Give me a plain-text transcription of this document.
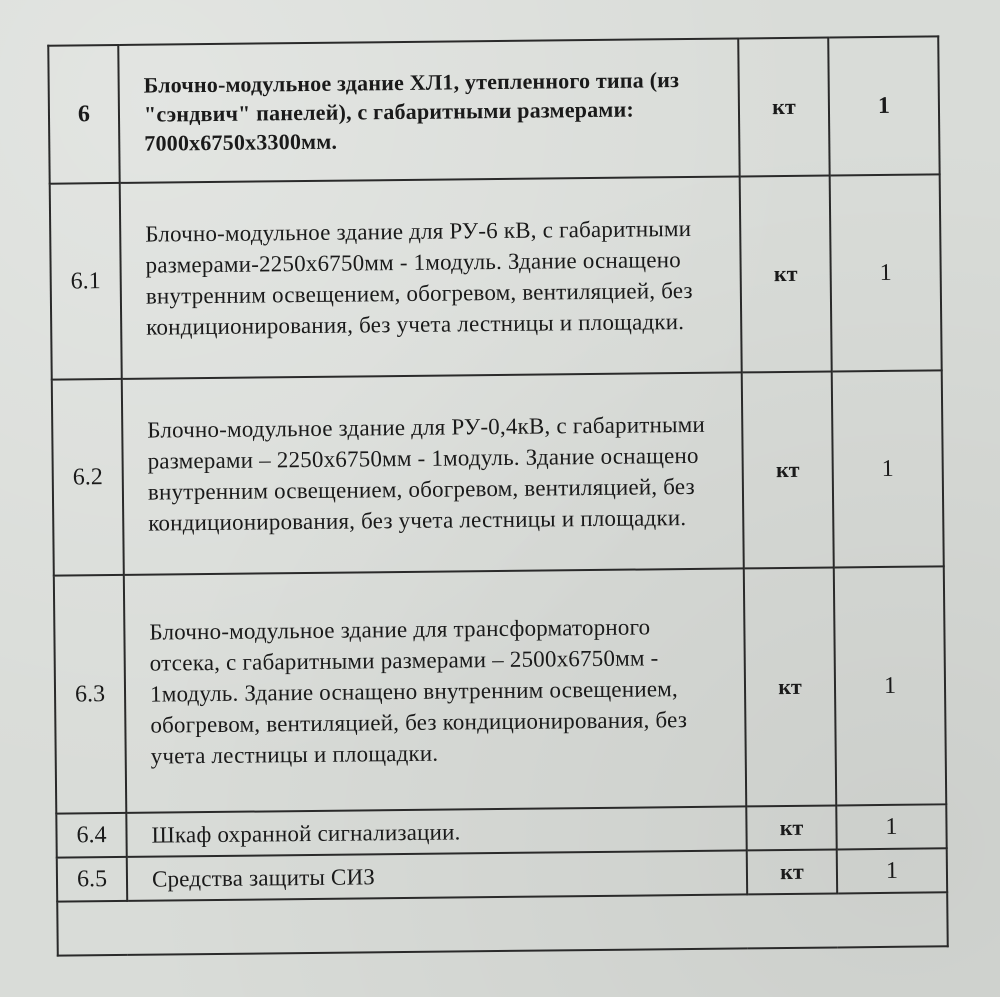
6	Блочно-модульное здание ХЛ1, утепленного типа (из "сэндвич" панелей), с габаритными размерами: 7000х6750х3300мм.	кт	1
6.1	Блочно-модульное здание для РУ-6 кВ, с габаритными размерами-2250х6750мм - 1модуль. Здание оснащено внутренним освещением, обогревом, вентиляцией, без кондиционирования, без учета лестницы и площадки.	кт	1
6.2	Блочно-модульное здание для РУ-0,4кВ, с габаритными размерами – 2250х6750мм - 1модуль. Здание оснащено внутренним освещением, обогревом, вентиляцией, без кондиционирования, без учета лестницы и площадки.	кт	1
6.3	Блочно-модульное здание для трансформаторного отсека, с габаритными размерами – 2500х6750мм - 1модуль. Здание оснащено внутренним освещением, обогревом, вентиляцией, без кондиционирования, без учета лестницы и площадки.	кт	1
6.4	Шкаф охранной сигнализации.	кт	1
6.5	Средства защиты СИЗ	кт	1
